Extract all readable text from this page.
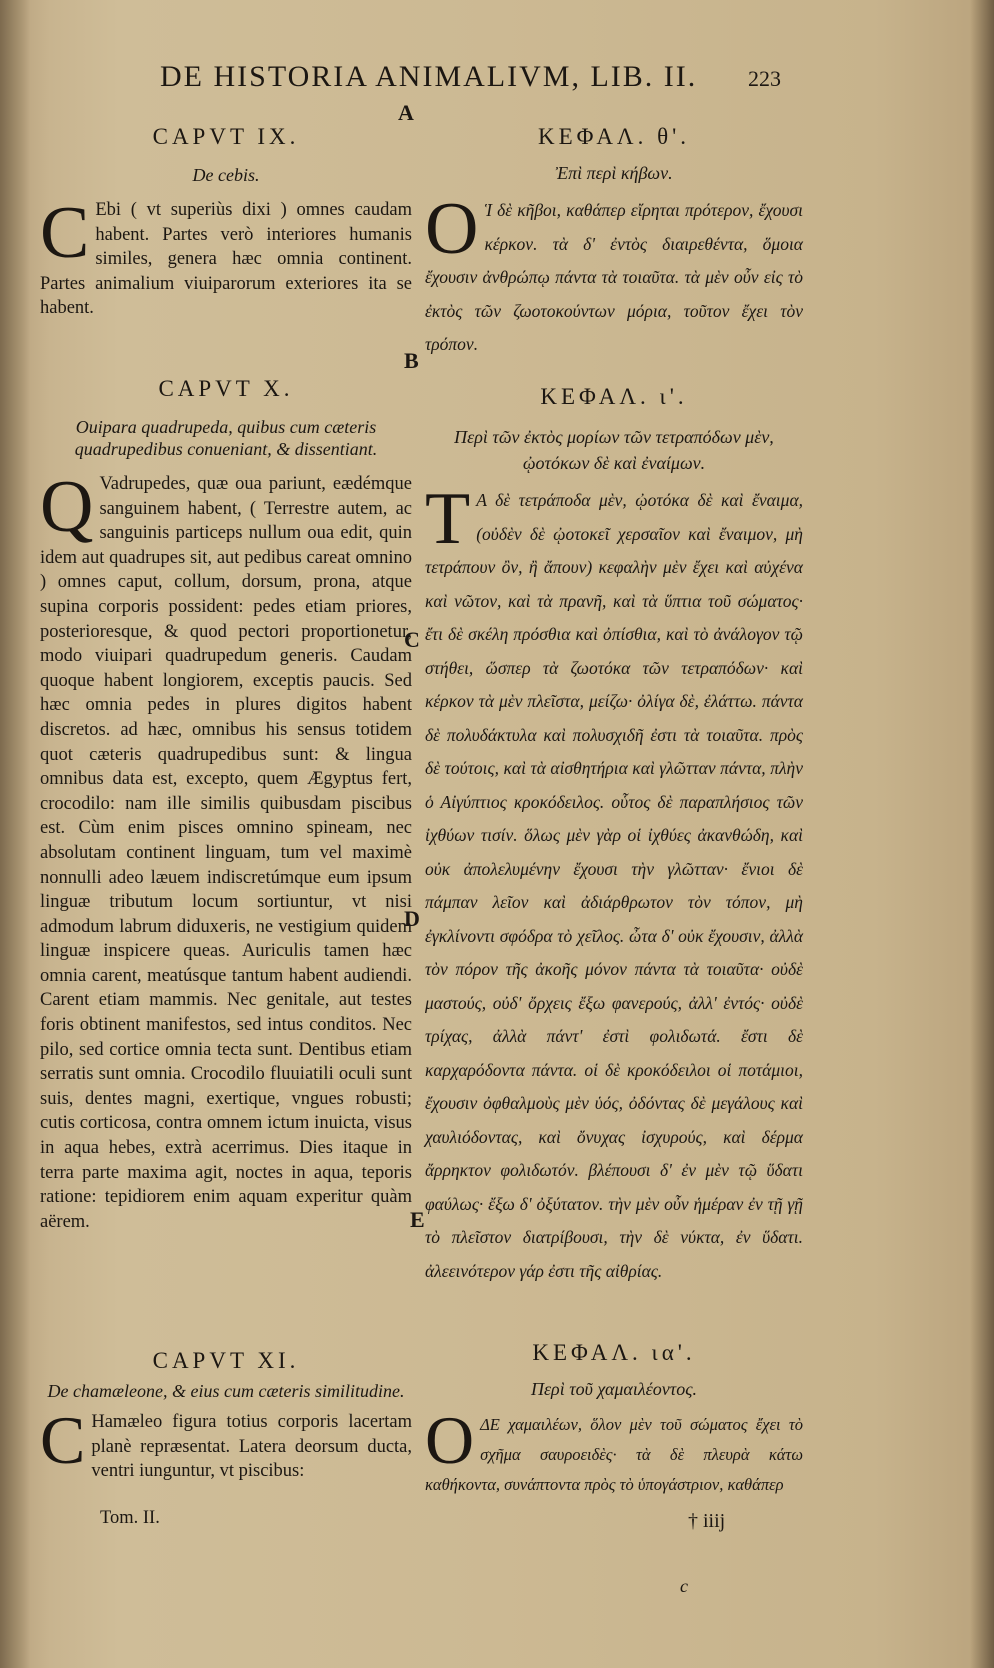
DE HISTORIA ANIMALIVM, LIB. II.	223
A
B
C
D
E
CAPVT IX.
De cebis.
C Ebi ( vt superiùs dixi ) omnes caudam habent. Partes verò interiores humanis similes, genera hæc omnia continent. Partes animalium viuiparorum exteriores ita se habent.
CAPVT X.
Ouipara quadrupeda, quibus cum cæteris quadrupedibus conueniant, & dissentiant.
Q Vadrupedes, quæ oua pariunt, eædémque sanguinem habent, ( Terrestre autem, ac sanguinis particeps nullum oua edit, quin idem aut quadrupes sit, aut pedibus careat omnino ) omnes caput, collum, dorsum, prona, atque supina corporis possident: pedes etiam priores, posterioresque, & quod pectori proportionetur, modo viuipari quadrupedum generis. Caudam quoque habent longiorem, exceptis paucis. Sed hæc omnia pedes in plures digitos habent discretos. ad hæc, omnibus his sensus totidem quot cæteris quadrupedibus sunt: & lingua omnibus data est, excepto, quem Ægyptus fert, crocodilo: nam ille similis quibusdam piscibus est. Cùm enim pisces omnino spineam, nec absolutam continent linguam, tum vel maximè nonnulli adeo læuem indiscretúmque eum ipsum linguæ tributum locum sortiuntur, vt nisi admodum labrum diduxeris, ne vestigium quidem linguæ inspicere queas. Auriculis tamen hæc omnia carent, meatúsque tantum habent audiendi. Carent etiam mammis. Nec genitale, aut testes foris obtinent manifestos, sed intus conditos. Nec pilo, sed cortice omnia tecta sunt. Dentibus etiam serratis sunt omnia. Crocodilo fluuiatili oculi sunt suis, dentes magni, exertique, vngues robusti; cutis corticosa, contra omnem ictum inuicta, visus in aqua hebes, extrà acerrimus. Dies itaque in terra parte maxima agit, noctes in aqua, teporis ratione: tepidiorem enim aquam experitur quàm aërem.
CAPVT XI.
De chamæleone, & eius cum cæteris similitudine.
C Hamæleo figura totius corporis lacertam planè repræsentat. Latera deorsum ducta, ventri iunguntur, vt piscibus:
Tom. II.
ΚΕΦΑΛ. θ'.
Ἐπὶ περὶ κήβων.
Ο Ἱ δὲ κῆβοι, καθάπερ εἴρηται πρότερον, ἔχουσι κέρκον. τὰ δ' ἐντὸς διαιρεθέντα, ὅμοια ἔχουσιν ἀνθρώπῳ πάντα τὰ τοιαῦτα. τὰ μὲν οὖν εἰς τὸ ἐκτὸς τῶν ζωοτοκούντων μόρια, τοῦτον ἔχει τὸν τρόπον.
ΚΕΦΑΛ. ι'.
Περὶ τῶν ἐκτὸς μορίων τῶν τετραπόδων μὲν, ᾠοτόκων δὲ καὶ ἐναίμων.
Τ Α δὲ τετράποδα μὲν, ᾠοτόκα δὲ καὶ ἔναιμα, (οὐδὲν δὲ ᾠοτοκεῖ χερσαῖον καὶ ἔναιμον, μὴ τετράπουν ὂν, ἢ ἄπουν) κεφαλὴν μὲν ἔχει καὶ αὐχένα καὶ νῶτον, καὶ τὰ πρανῆ, καὶ τὰ ὕπτια τοῦ σώματος· ἔτι δὲ σκέλη πρόσθια καὶ ὀπίσθια, καὶ τὸ ἀνάλογον τῷ στήθει, ὥσπερ τὰ ζωοτόκα τῶν τετραπόδων· καὶ κέρκον τὰ μὲν πλεῖστα, μείζω· ὀλίγα δὲ, ἐλάττω. πάντα δὲ πολυδάκτυλα καὶ πολυσχιδῆ ἐστι τὰ τοιαῦτα. πρὸς δὲ τούτοις, καὶ τὰ αἰσθητήρια καὶ γλῶτταν πάντα, πλὴν ὁ Αἰγύπτιος κροκόδειλος. οὗτος δὲ παραπλήσιος τῶν ἰχθύων τισίν. ὅλως μὲν γὰρ οἱ ἰχθύες ἀκανθώδη, καὶ οὐκ ἀπολελυμένην ἔχουσι τὴν γλῶτταν· ἔνιοι δὲ πάμπαν λεῖον καὶ ἀδιάρθρωτον τὸν τόπον, μὴ ἐγκλίνοντι σφόδρα τὸ χεῖλος. ὦτα δ' οὐκ ἔχουσιν, ἀλλὰ τὸν πόρον τῆς ἀκοῆς μόνον πάντα τὰ τοιαῦτα· οὐδὲ μαστούς, οὐδ' ὄρχεις ἔξω φανερούς, ἀλλ' ἐντός· οὐδὲ τρίχας, ἀλλὰ πάντ' ἐστὶ φολιδωτά. ἔστι δὲ καρχαρόδοντα πάντα. οἱ δὲ κροκόδειλοι οἱ ποτάμιοι, ἔχουσιν ὀφθαλμοὺς μὲν ὑός, ὀδόντας δὲ μεγάλους καὶ χαυλιόδοντας, καὶ ὄνυχας ἰσχυρούς, καὶ δέρμα ἄρρηκτον φολιδωτόν. βλέπουσι δ' ἐν μὲν τῷ ὕδατι φαύλως· ἔξω δ' ὀξύτατον. τὴν μὲν οὖν ἡμέραν ἐν τῇ γῇ τὸ πλεῖστον διατρίβουσι, τὴν δὲ νύκτα, ἐν ὕδατι. ἀλεεινότερον γάρ ἐστι τῆς αἰθρίας.
ΚΕΦΑΛ. ια'.
Περὶ τοῦ χαμαιλέοντος.
ΟΔΕ χαμαιλέων, ὅλον μὲν τοῦ σώματος ἔχει τὸ σχῆμα σαυροειδὲς· τὰ δὲ πλευρὰ κάτω καθήκοντα, συνάπτοντα πρὸς τὸ ὑπογάστριον, καθάπερ
† iiij
c
